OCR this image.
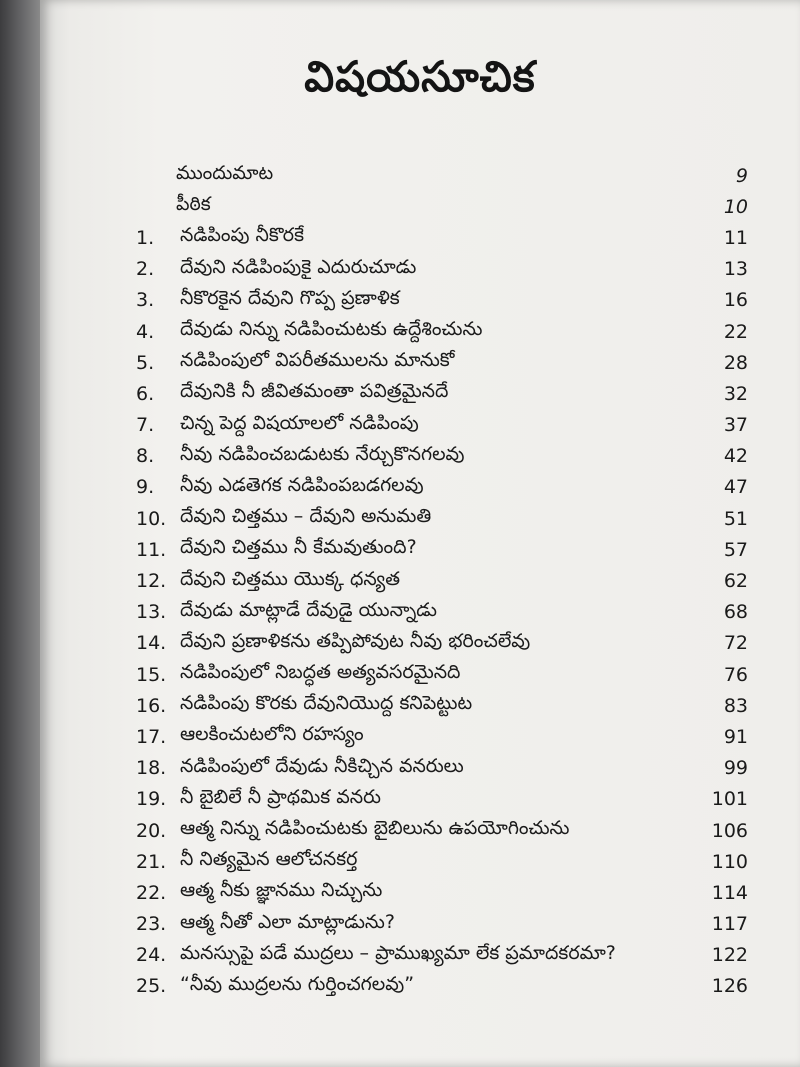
విషయసూచిక
ముందుమాట	9
పీఠిక	10
1.	నడిపింపు నీకొరకే	11
2.	దేవుని నడిపింపుకై ఎదురుచూడు	13
3.	నీకొరకైన దేవుని గొప్ప ప్రణాళిక	16
4.	దేవుడు నిన్ను నడిపించుటకు ఉద్దేశించును	22
5.	నడిపింపులో విపరీతములను మానుకో	28
6.	దేవునికి నీ జీవితమంతా పవిత్రమైనదే	32
7.	చిన్న పెద్ద విషయాలలో నడిపింపు	37
8.	నీవు నడిపించబడుటకు నేర్చుకొనగలవు	42
9.	నీవు ఎడతెగక నడిపింపబడగలవు	47
10. దేవుని చిత్తము – దేవుని అనుమతి	51
11. దేవుని చిత్తము నీ కేమవుతుంది?	57
12. దేవుని చిత్తము యొక్క ధన్యత	62
13. దేవుడు మాట్లాడే దేవుడై యున్నాడు	68
14. దేవుని ప్రణాళికను తప్పిపోవుట నీవు భరించలేవు	72
15. నడిపింపులో నిబద్ధత అత్యవసరమైనది	76
16. నడిపింపు కొరకు దేవునియొద్ద కనిపెట్టుట	83
17. ఆలకించుటలోని రహస్యం	91
18. నడిపింపులో దేవుడు నీకిచ్చిన వనరులు	99
19. నీ బైబిలే నీ ప్రాథమిక వనరు	101
20. ఆత్మ నిన్ను నడిపించుటకు బైబిలును ఉపయోగించును	106
21. నీ నిత్యమైన ఆలోచనకర్త	110
22. ఆత్మ నీకు జ్ఞానము నిచ్చును	114
23. ఆత్మ నీతో ఎలా మాట్లాడును?	117
24. మనస్సుపై పడే ముద్రలు – ప్రాముఖ్యమా లేక ప్రమాదకరమా?	122
25. “నీవు ముద్రలను గుర్తించగలవు”	126
